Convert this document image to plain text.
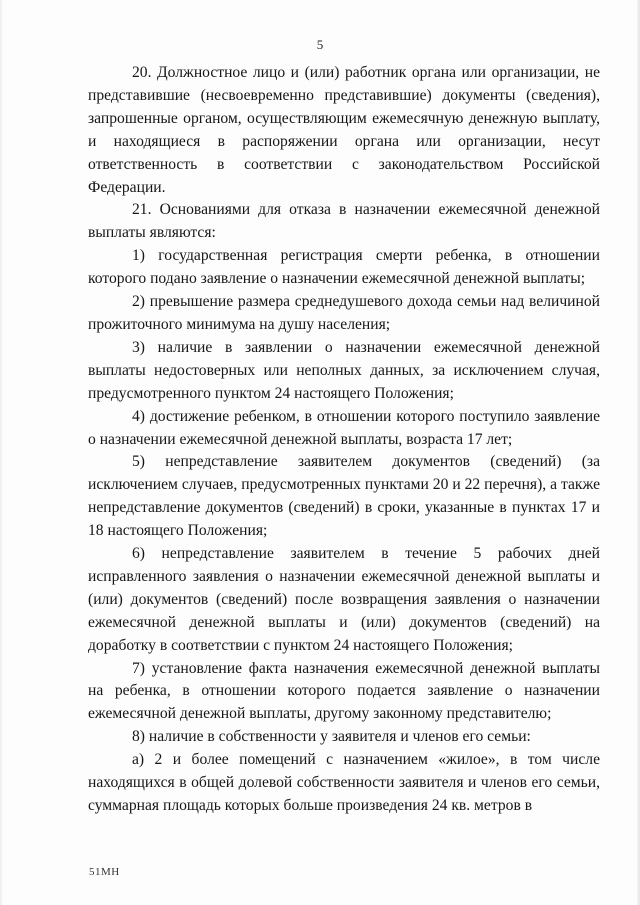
5

20. Должностное лицо и (или) работник органа или организации, не представившие (несвоевременно представившие) документы (сведения), запрошенные органом, осуществляющим ежемесячную денежную выплату, и находящиеся в распоряжении органа или организации, несут ответственность в соответствии с законодательством Российской Федерации.

21. Основаниями для отказа в назначении ежемесячной денежной выплаты являются:

1) государственная регистрация смерти ребенка, в отношении которого подано заявление о назначении ежемесячной денежной выплаты;

2) превышение размера среднедушевого дохода семьи над величиной прожиточного минимума на душу населения;

3) наличие в заявлении о назначении ежемесячной денежной выплаты недостоверных или неполных данных, за исключением случая, предусмотренного пунктом 24 настоящего Положения;

4) достижение ребенком, в отношении которого поступило заявление о назначении ежемесячной денежной выплаты, возраста 17 лет;

5) непредставление заявителем документов (сведений) (за исключением случаев, предусмотренных пунктами 20 и 22 перечня), а также непредставление документов (сведений) в сроки, указанные в пунктах 17 и 18 настоящего Положения;

6) непредставление заявителем в течение 5 рабочих дней исправленного заявления о назначении ежемесячной денежной выплаты и (или) документов (сведений) после возвращения заявления о назначении ежемесячной денежной выплаты и (или) документов (сведений) на доработку в соответствии с пунктом 24 настоящего Положения;

7) установление факта назначения ежемесячной денежной выплаты на ребенка, в отношении которого подается заявление о назначении ежемесячной денежной выплаты, другому законному представителю;

8) наличие в собственности у заявителя и членов его семьи:

а) 2 и более помещений с назначением «жилое», в том числе находящихся в общей долевой собственности заявителя и членов его семьи, суммарная площадь которых больше произведения 24 кв. метров в

51МН
